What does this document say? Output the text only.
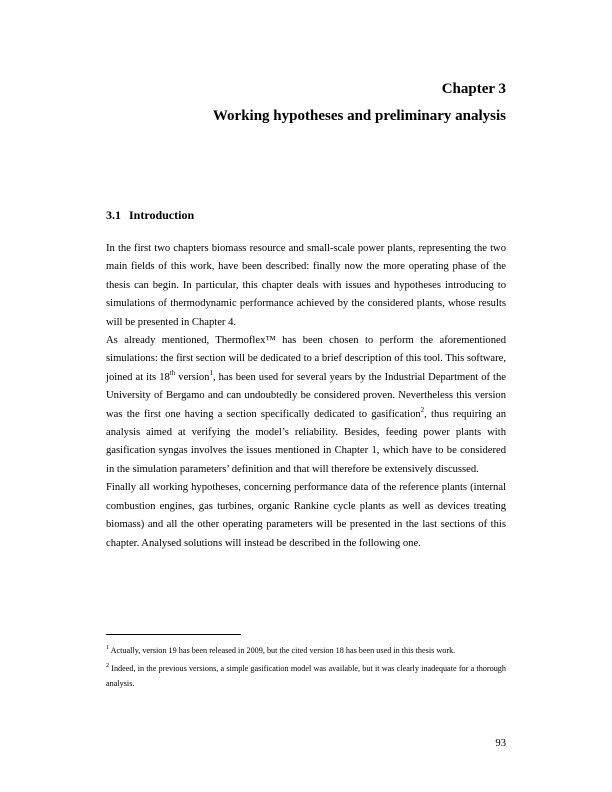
Chapter 3
Working hypotheses and preliminary analysis
3.1 Introduction

In the first two chapters biomass resource and small-scale power plants, representing the two main fields of this work, have been described: finally now the more operating phase of the thesis can begin. In particular, this chapter deals with issues and hypotheses introducing to simulations of thermodynamic performance achieved by the considered plants, whose results will be presented in Chapter 4.

As already mentioned, Thermoflex™ has been chosen to perform the aforementioned simulations: the first section will be dedicated to a brief description of this tool. This software, joined at its 18th version$^1$, has been used for several years by the Industrial Department of the University of Bergamo and can undoubtedly be considered proven. Nevertheless this version was the first one having a section specifically dedicated to gasification$^2$, thus requiring an analysis aimed at verifying the model’s reliability. Besides, feeding power plants with gasification syngas involves the issues mentioned in Chapter 1, which have to be considered in the simulation parameters’ definition and that will therefore be extensively discussed.

Finally all working hypotheses, concerning performance data of the reference plants (internal combustion engines, gas turbines, organic Rankine cycle plants as well as devices treating biomass) and all the other operating parameters will be presented in the last sections of this chapter. Analysed solutions will instead be described in the following one.

$^1$ Actually, version 19 has been released in 2009, but the cited version 18 has been used in this thesis work.

$^2$ Indeed, in the previous versions, a simple gasification model was available, but it was clearly inadequate for a thorough analysis.

93
